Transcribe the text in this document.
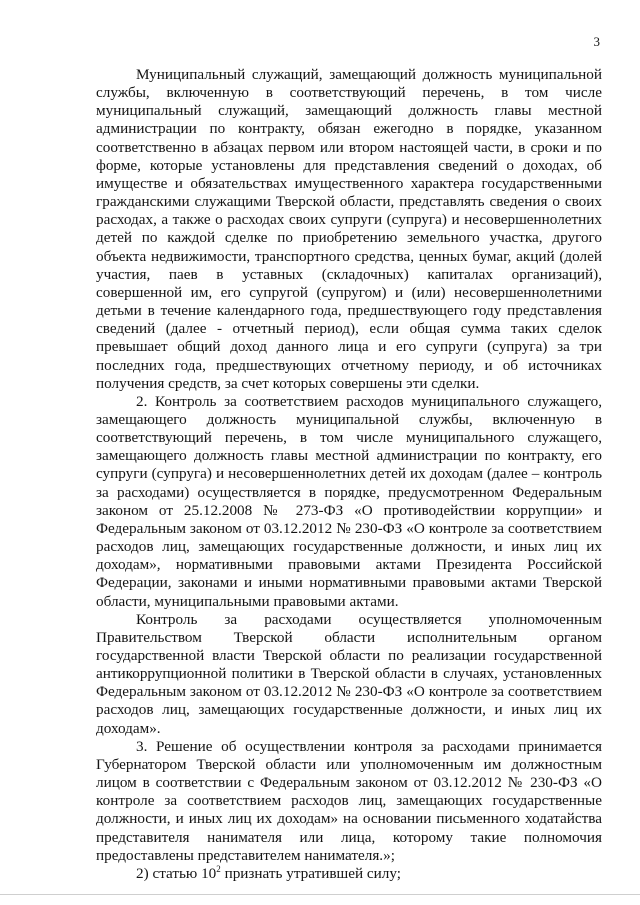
3

Муниципальный служащий, замещающий должность муниципальной службы, включенную в соответствующий перечень, в том числе муниципальный служащий, замещающий должность главы местной администрации по контракту, обязан ежегодно в порядке, указанном соответственно в абзацах первом или втором настоящей части, в сроки и по форме, которые установлены для представления сведений о доходах, об имуществе и обязательствах имущественного характера государственными гражданскими служащими Тверской области, представлять сведения о своих расходах, а также о расходах своих супруги (супруга) и несовершеннолетних детей по каждой сделке по приобретению земельного участка, другого объекта недвижимости, транспортного средства, ценных бумаг, акций (долей участия, паев в уставных (складочных) капиталах организаций), совершенной им, его супругой (супругом) и (или) несовершеннолетними детьми в течение календарного года, предшествующего году представления сведений (далее - отчетный период), если общая сумма таких сделок превышает общий доход данного лица и его супруги (супруга) за три последних года, предшествующих отчетному периоду, и об источниках получения средств, за счет которых совершены эти сделки.

2. Контроль за соответствием расходов муниципального служащего, замещающего должность муниципальной службы, включенную в соответствующий перечень, в том числе муниципального служащего, замещающего должность главы местной администрации по контракту, его супруги (супруга) и несовершеннолетних детей их доходам (далее – контроль за расходами) осуществляется в порядке, предусмотренном Федеральным законом от 25.12.2008 № 273-ФЗ «О противодействии коррупции» и Федеральным законом от 03.12.2012 № 230-ФЗ «О контроле за соответствием расходов лиц, замещающих государственные должности, и иных лиц их доходам», нормативными правовыми актами Президента Российской Федерации, законами и иными нормативными правовыми актами Тверской области, муниципальными правовыми актами.

Контроль за расходами осуществляется уполномоченным Правительством Тверской области исполнительным органом государственной власти Тверской области по реализации государственной антикоррупционной политики в Тверской области в случаях, установленных Федеральным законом от 03.12.2012 № 230-ФЗ «О контроле за соответствием расходов лиц, замещающих государственные должности, и иных лиц их доходам».

3. Решение об осуществлении контроля за расходами принимается Губернатором Тверской области или уполномоченным им должностным лицом в соответствии с Федеральным законом от 03.12.2012 № 230-ФЗ «О контроле за соответствием расходов лиц, замещающих государственные должности, и иных лиц их доходам» на основании письменного ходатайства представителя нанимателя или лица, которому такие полномочия предоставлены представителем нанимателя.»;

2) статью $10^2$ признать утратившей силу;
